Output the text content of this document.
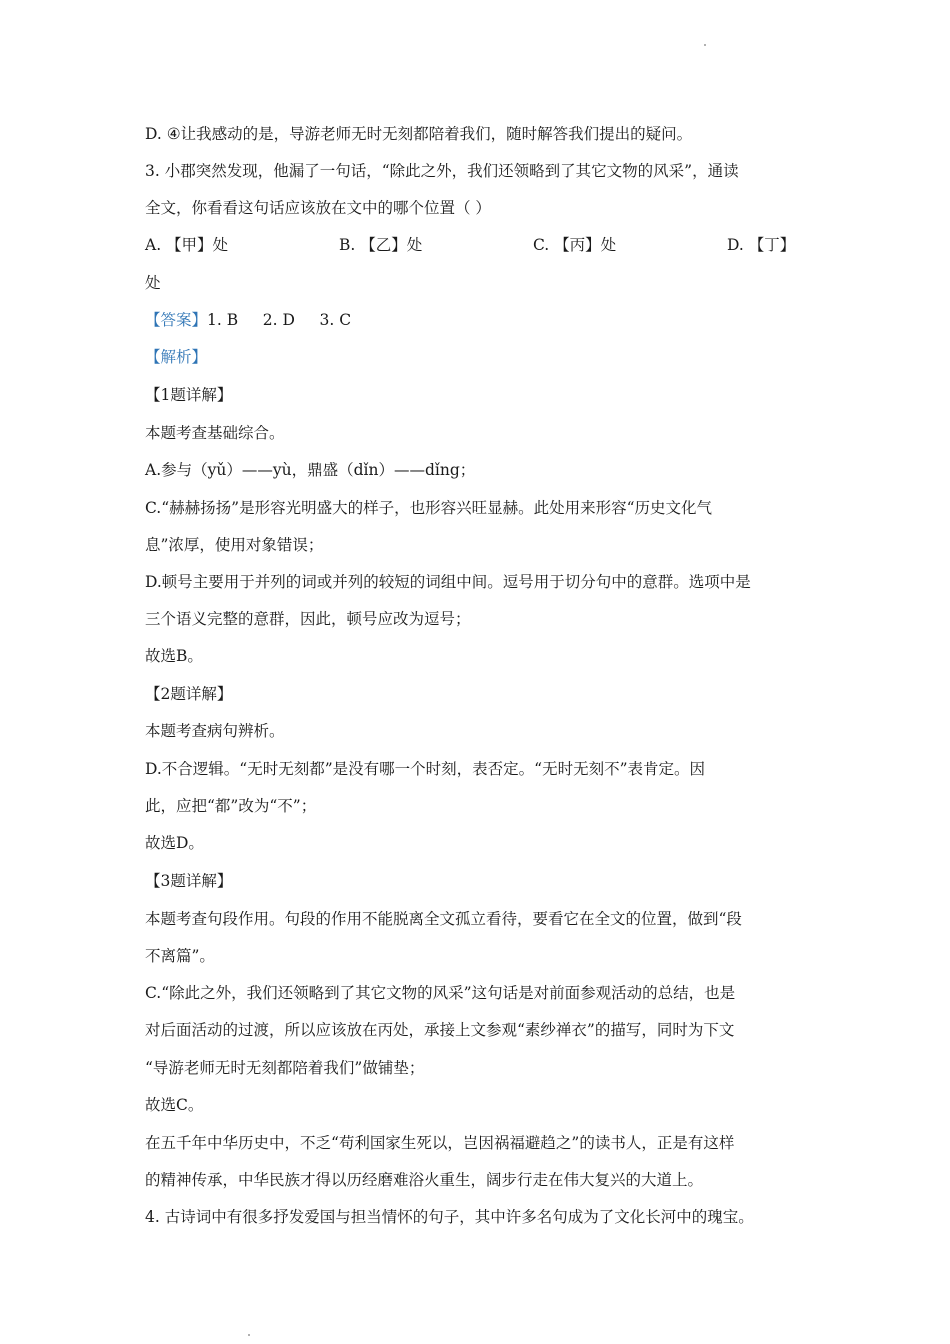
D. ④让我感动的是，导游老师无时无刻都陪着我们，随时解答我们提出的疑问。
3. 小郡突然发现，他漏了一句话，“除此之外，我们还领略到了其它文物的风采”，通读
全文，你看看这句话应该放在文中的哪个位置（ ）
A. 【甲】处	B. 【乙】处	C. 【丙】处	D. 【丁】
处
【答案】1. B     2. D     3. C
【解析】
【1题详解】
本题考查基础综合。
A.参与（yǔ）——yù，鼎盛（dǐn）——dǐng；
C.“赫赫扬扬”是形容光明盛大的样子，也形容兴旺显赫。此处用来形容“历史文化气
息”浓厚，使用对象错误；
D.顿号主要用于并列的词或并列的较短的词组中间。逗号用于切分句中的意群。选项中是
三个语义完整的意群，因此，顿号应改为逗号；
故选B。
【2题详解】
本题考查病句辨析。
D.不合逻辑。“无时无刻都”是没有哪一个时刻，表否定。“无时无刻不”表肯定。因
此，应把“都”改为“不”；
故选D。
【3题详解】
本题考查句段作用。句段的作用不能脱离全文孤立看待，要看它在全文的位置，做到“段
不离篇”。
C.“除此之外，我们还领略到了其它文物的风采”这句话是对前面参观活动的总结，也是
对后面活动的过渡，所以应该放在丙处，承接上文参观“素纱禅衣”的描写，同时为下文
“导游老师无时无刻都陪着我们”做铺垫；
故选C。
在五千年中华历史中，不乏“苟利国家生死以，岂因祸福避趋之”的读书人，正是有这样
的精神传承，中华民族才得以历经磨难浴火重生，阔步行走在伟大复兴的大道上。
4. 古诗词中有很多抒发爱国与担当情怀的句子，其中许多名句成为了文化长河中的瑰宝。
